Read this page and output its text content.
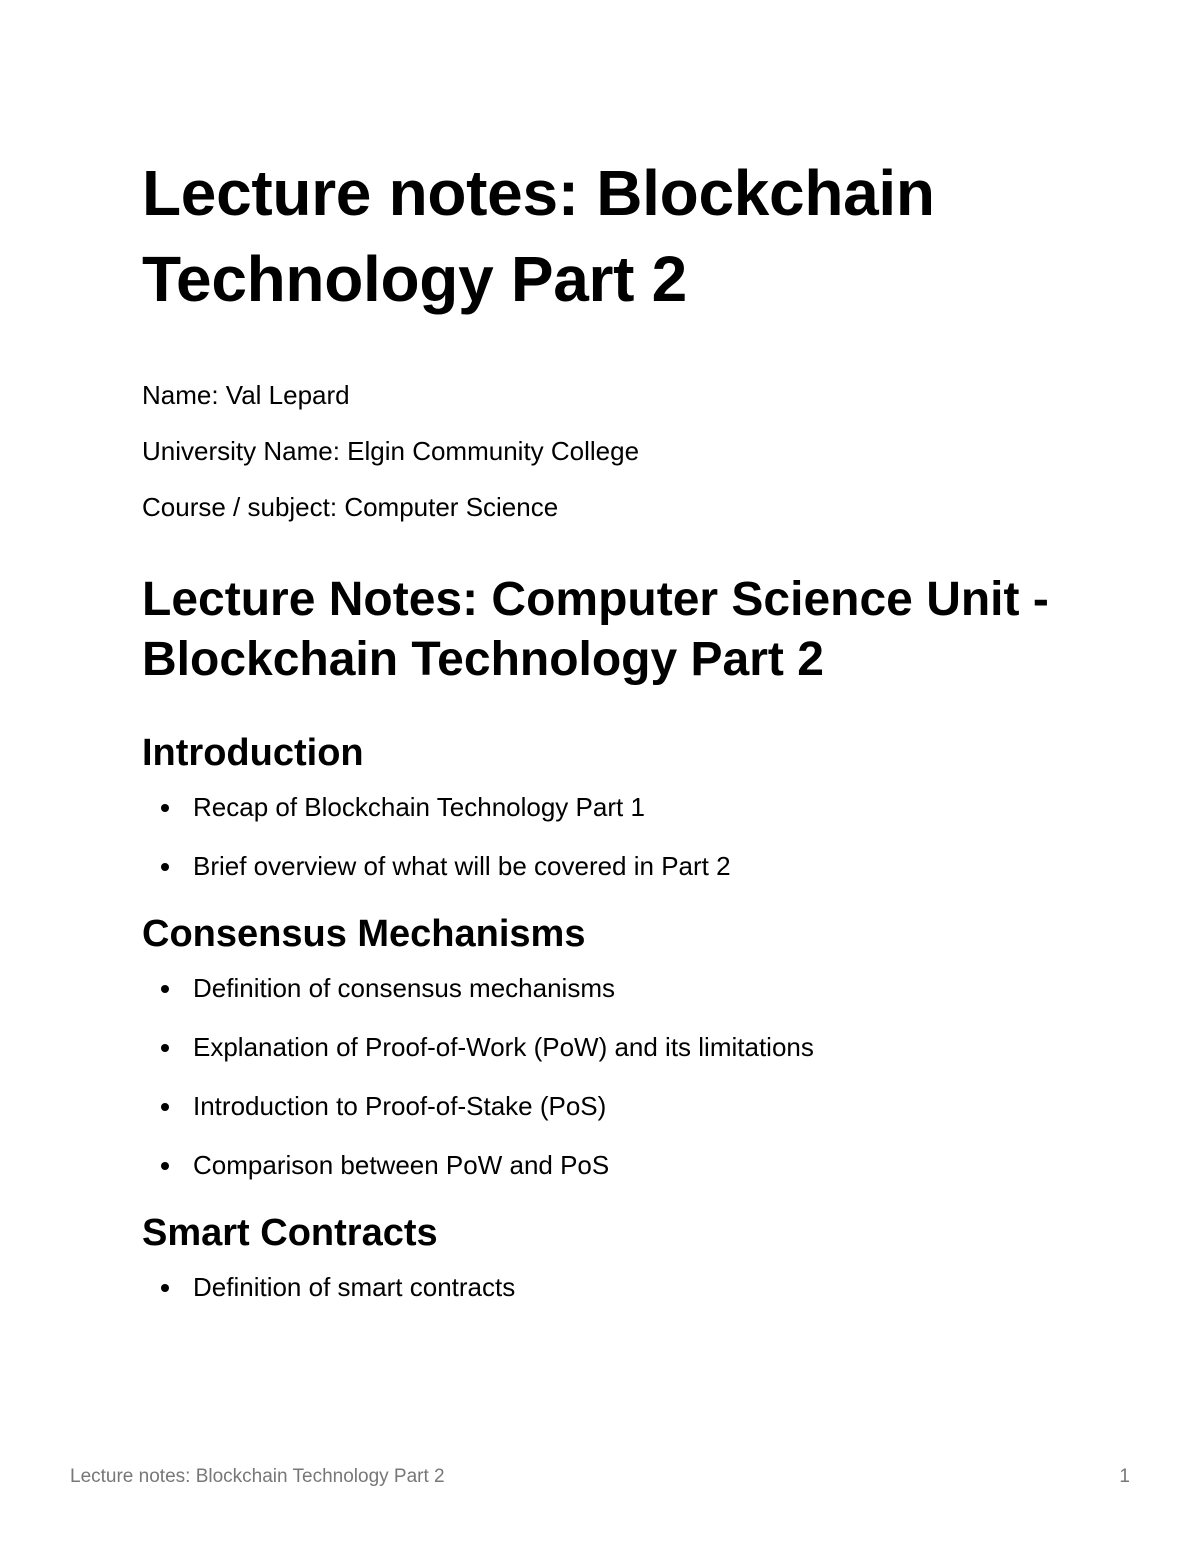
Lecture notes: Blockchain Technology Part 2

Name: Val Lepard

University Name: Elgin Community College

Course / subject: Computer Science

Lecture Notes: Computer Science Unit - Blockchain Technology Part 2
Introduction
Recap of Blockchain Technology Part 1
Brief overview of what will be covered in Part 2
Consensus Mechanisms
Definition of consensus mechanisms
Explanation of Proof-of-Work (PoW) and its limitations
Introduction to Proof-of-Stake (PoS)
Comparison between PoW and PoS
Smart Contracts
Definition of smart contracts
Lecture notes: Blockchain Technology Part 2	1
